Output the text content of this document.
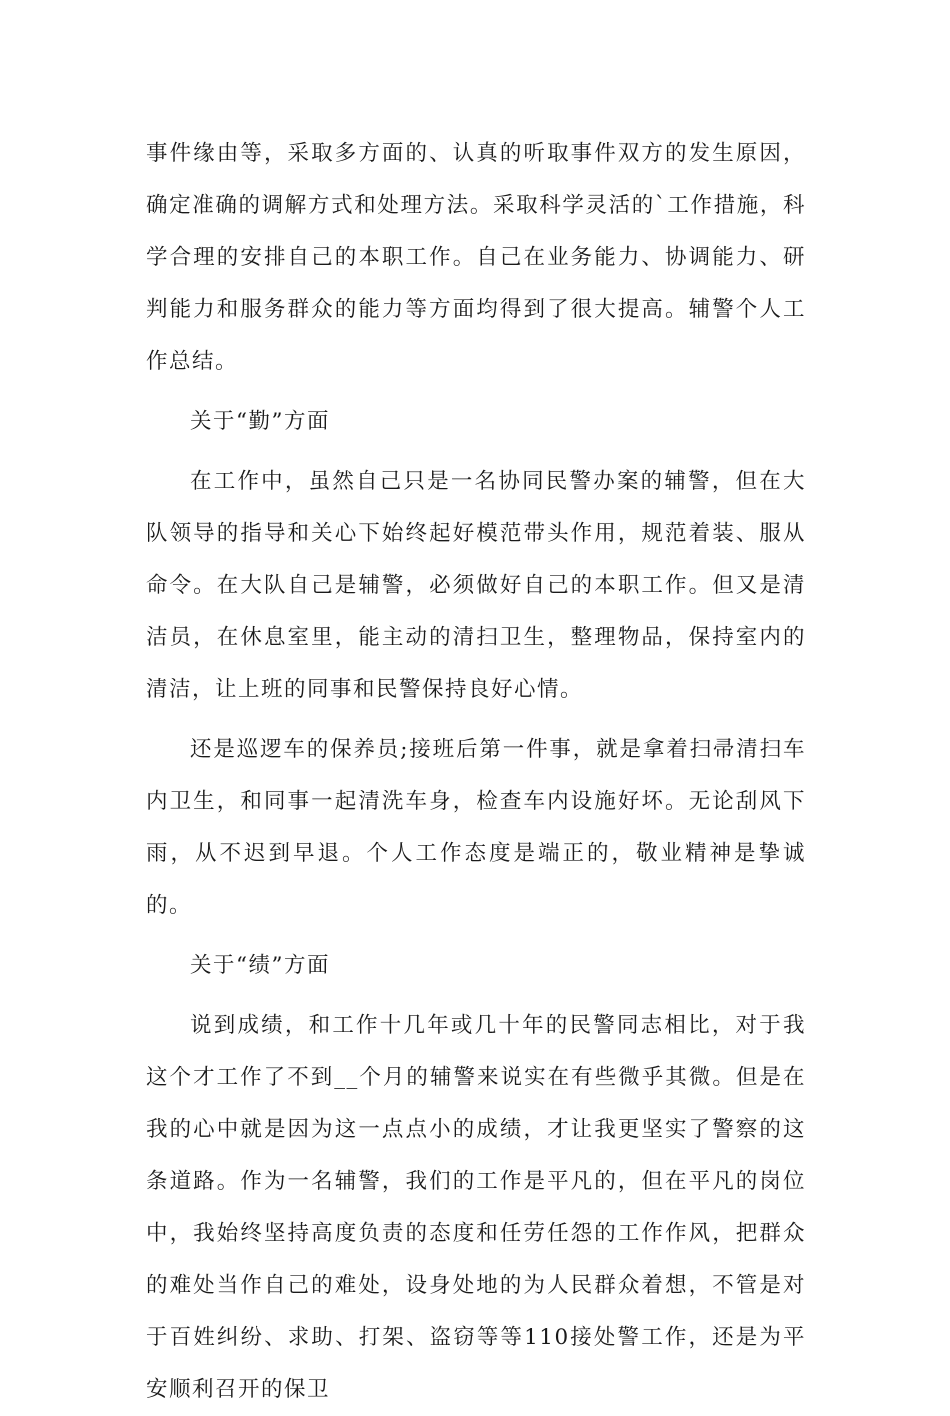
事件缘由等，采取多方面的、认真的听取事件双方的发生原因，确定准确的调解方式和处理方法。采取科学灵活的`工作措施，科学合理的安排自己的本职工作。自己在业务能力、协调能力、研判能力和服务群众的能力等方面均得到了很大提高。辅警个人工作总结。

关于“勤”方面

在工作中，虽然自己只是一名协同民警办案的辅警，但在大队领导的指导和关心下始终起好模范带头作用，规范着装、服从命令。在大队自己是辅警，必须做好自己的本职工作。但又是清洁员，在休息室里，能主动的清扫卫生，整理物品，保持室内的清洁，让上班的同事和民警保持良好心情。

还是巡逻车的保养员;接班后第一件事，就是拿着扫帚清扫车内卫生，和同事一起清洗车身，检查车内设施好坏。无论刮风下雨，从不迟到早退。个人工作态度是端正的，敬业精神是挚诚的。

关于“绩”方面

说到成绩，和工作十几年或几十年的民警同志相比，对于我这个才工作了不到__个月的辅警来说实在有些微乎其微。但是在我的心中就是因为这一点点小的成绩，才让我更坚实了警察的这条道路。作为一名辅警，我们的工作是平凡的，但在平凡的岗位中，我始终坚持高度负责的态度和任劳任怨的工作作风，把群众的难处当作自己的难处，设身处地的为人民群众着想，不管是对于百姓纠纷、求助、打架、盗窃等等110接处警工作，还是为平安顺利召开的保卫
